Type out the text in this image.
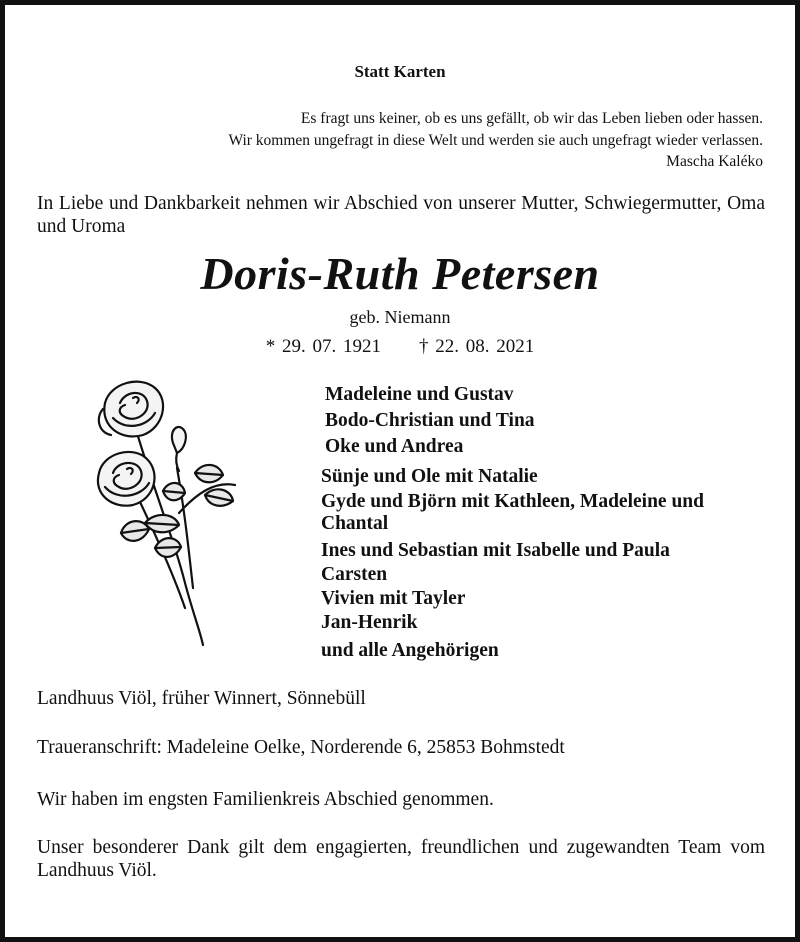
Statt Karten

Es fragt uns keiner, ob es uns gefällt, ob wir das Leben lieben oder hassen.

Wir kommen ungefragt in diese Welt und werden sie auch ungefragt wieder verlassen.

Mascha Kaléko

In Liebe und Dankbarkeit nehmen wir Abschied von unserer Mutter, Schwiegermutter, Oma und Uroma

Doris-Ruth Petersen

geb. Niemann

* 29. 07. 1921 † 22. 08. 2021

Madeleine und Gustav

Bodo-Christian und Tina

Oke und Andrea

Sünje und Ole mit Natalie

Gyde und Björn mit Kathleen, Madeleine und Chantal

Ines und Sebastian mit Isabelle und Paula

Carsten

Vivien mit Tayler

Jan-Henrik

und alle Angehörigen

Landhuus Viöl, früher Winnert, Sönnebüll

Traueranschrift: Madeleine Oelke, Norderende 6, 25853 Bohmstedt

Wir haben im engsten Familienkreis Abschied genommen.

Unser besonderer Dank gilt dem engagierten, freundlichen und zugewandten Team vom Landhuus Viöl.
